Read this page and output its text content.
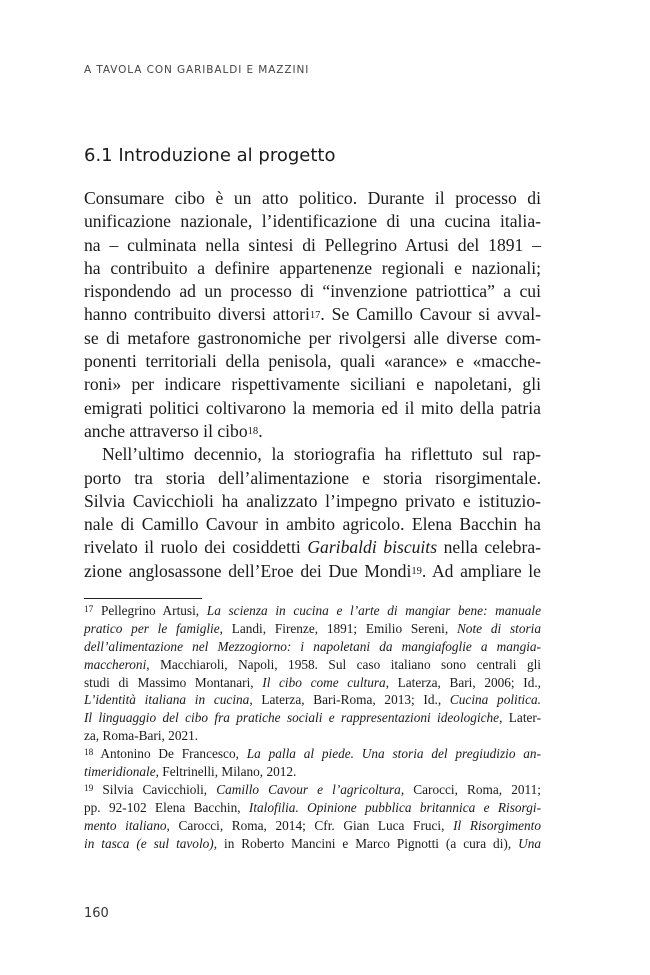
A TAVOLA CON GARIBALDI E MAZZINI
6.1 Introduzione al progetto
Consumare cibo è un atto politico. Durante il processo di
unificazione nazionale, l’identificazione di una cucina italia-
na – culminata nella sintesi di Pellegrino Artusi del 1891 –
ha contribuito a definire appartenenze regionali e nazionali;
rispondendo ad un processo di “invenzione patriottica” a cui
hanno contribuito diversi attori$^{17}$. Se Camillo Cavour si avval-
se di metafore gastronomiche per rivolgersi alle diverse com-
ponenti territoriali della penisola, quali «arance» e «macche-
roni» per indicare rispettivamente siciliani e napoletani, gli
emigrati politici coltivarono la memoria ed il mito della patria
anche attraverso il cibo$^{18}$.
Nell’ultimo decennio, la storiografia ha riflettuto sul rap-
porto tra storia dell’alimentazione e storia risorgimentale.
Silvia Cavicchioli ha analizzato l’impegno privato e istituzio-
nale di Camillo Cavour in ambito agricolo. Elena Bacchin ha
rivelato il ruolo dei cosiddetti Garibaldi biscuits nella celebra-
zione anglosassone dell’Eroe dei Due Mondi$^{19}$. Ad ampliare le
$^{17}$ Pellegrino Artusi, La scienza in cucina e l’arte di mangiar bene: manuale
pratico per le famiglie, Landi, Firenze, 1891; Emilio Sereni, Note di storia
dell’alimentazione nel Mezzogiorno: i napoletani da mangiafoglie a mangia-
maccheroni, Macchiaroli, Napoli, 1958. Sul caso italiano sono centrali gli
studi di Massimo Montanari, Il cibo come cultura, Laterza, Bari, 2006; Id.,
L’identità italiana in cucina, Laterza, Bari-Roma, 2013; Id., Cucina politica.
Il linguaggio del cibo fra pratiche sociali e rappresentazioni ideologiche, Later-
za, Roma-Bari, 2021.
$^{18}$ Antonino De Francesco, La palla al piede. Una storia del pregiudizio an-
timeridionale, Feltrinelli, Milano, 2012.
$^{19}$ Silvia Cavicchioli, Camillo Cavour e l’agricoltura, Carocci, Roma, 2011;
pp. 92-102 Elena Bacchin, Italofilia. Opinione pubblica britannica e Risorgi-
mento italiano, Carocci, Roma, 2014; Cfr. Gian Luca Fruci, Il Risorgimento
in tasca (e sul tavolo), in Roberto Mancini e Marco Pignotti (a cura di), Una
160
